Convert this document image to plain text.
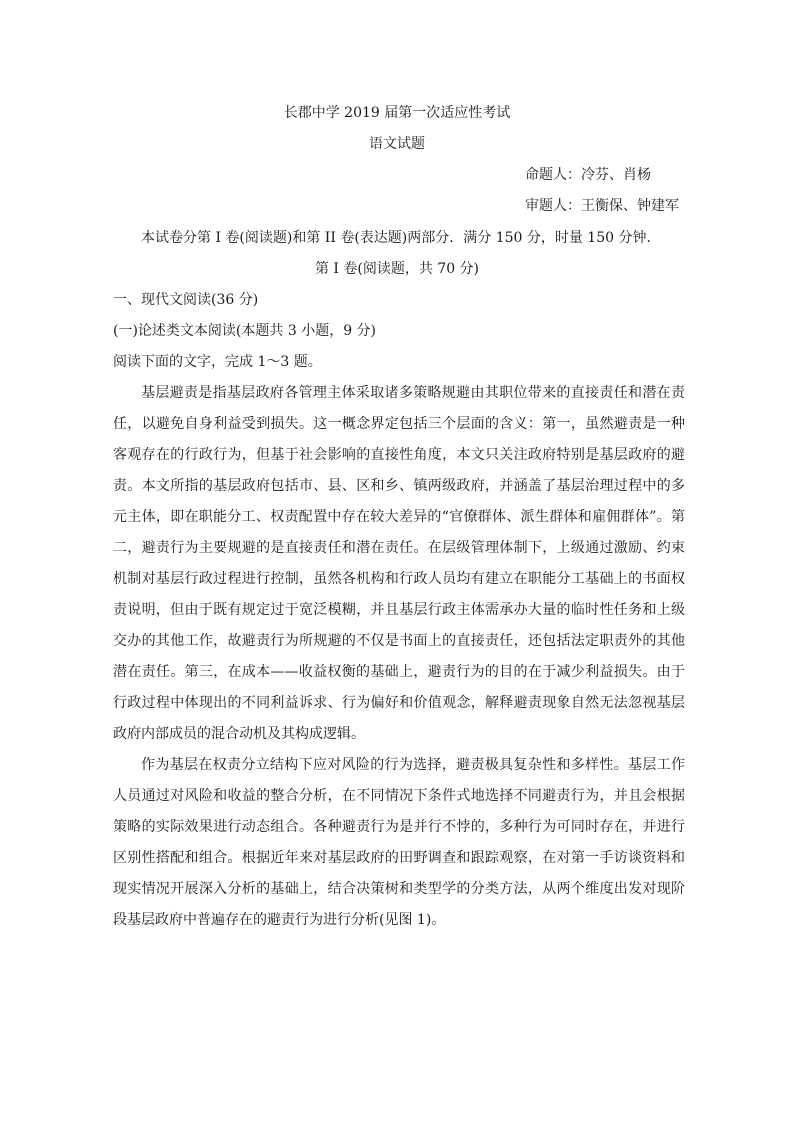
长郡中学 2019 届第一次适应性考试
语文试题
命题人：冷芬、肖杨
审题人：王衡保、钟建军
本试卷分第 I 卷(阅读题)和第 II 卷(表达题)两部分．满分 150 分，时量 150 分钟．
第 I 卷(阅读题，共 70 分)
一、现代文阅读(36 分)
(一)论述类文本阅读(本题共 3 小题，9 分)
阅读下面的文字，完成 1～3 题。

基层避责是指基层政府各管理主体采取诸多策略规避由其职位带来的直接责任和潜在责任，以避免自身利益受到损失。这一概念界定包括三个层面的含义：第一，虽然避责是一种客观存在的行政行为，但基于社会影响的直接性角度，本文只关注政府特别是基层政府的避责。本文所指的基层政府包括市、县、区和乡、镇两级政府，并涵盖了基层治理过程中的多元主体，即在职能分工、权责配置中存在较大差异的“官僚群体、派生群体和雇佣群体”。第二，避责行为主要规避的是直接责任和潜在责任。在层级管理体制下，上级通过激励、约束机制对基层行政过程进行控制，虽然各机构和行政人员均有建立在职能分工基础上的书面权责说明，但由于既有规定过于宽泛模糊，并且基层行政主体需承办大量的临时性任务和上级交办的其他工作，故避责行为所规避的不仅是书面上的直接责任，还包括法定职责外的其他潜在责任。第三，在成本——收益权衡的基础上，避责行为的目的在于减少利益损失。由于行政过程中体现出的不同利益诉求、行为偏好和价值观念，解释避责现象自然无法忽视基层政府内部成员的混合动机及其构成逻辑。

作为基层在权责分立结构下应对风险的行为选择，避责极具复杂性和多样性。基层工作人员通过对风险和收益的整合分析，在不同情况下条件式地选择不同避责行为，并且会根据策略的实际效果进行动态组合。各种避责行为是并行不悖的，多种行为可同时存在，并进行区别性搭配和组合。根据近年来对基层政府的田野调查和跟踪观察，在对第一手访谈资料和现实情况开展深入分析的基础上，结合决策树和类型学的分类方法，从两个维度出发对现阶段基层政府中普遍存在的避责行为进行分析(见图 1)。
